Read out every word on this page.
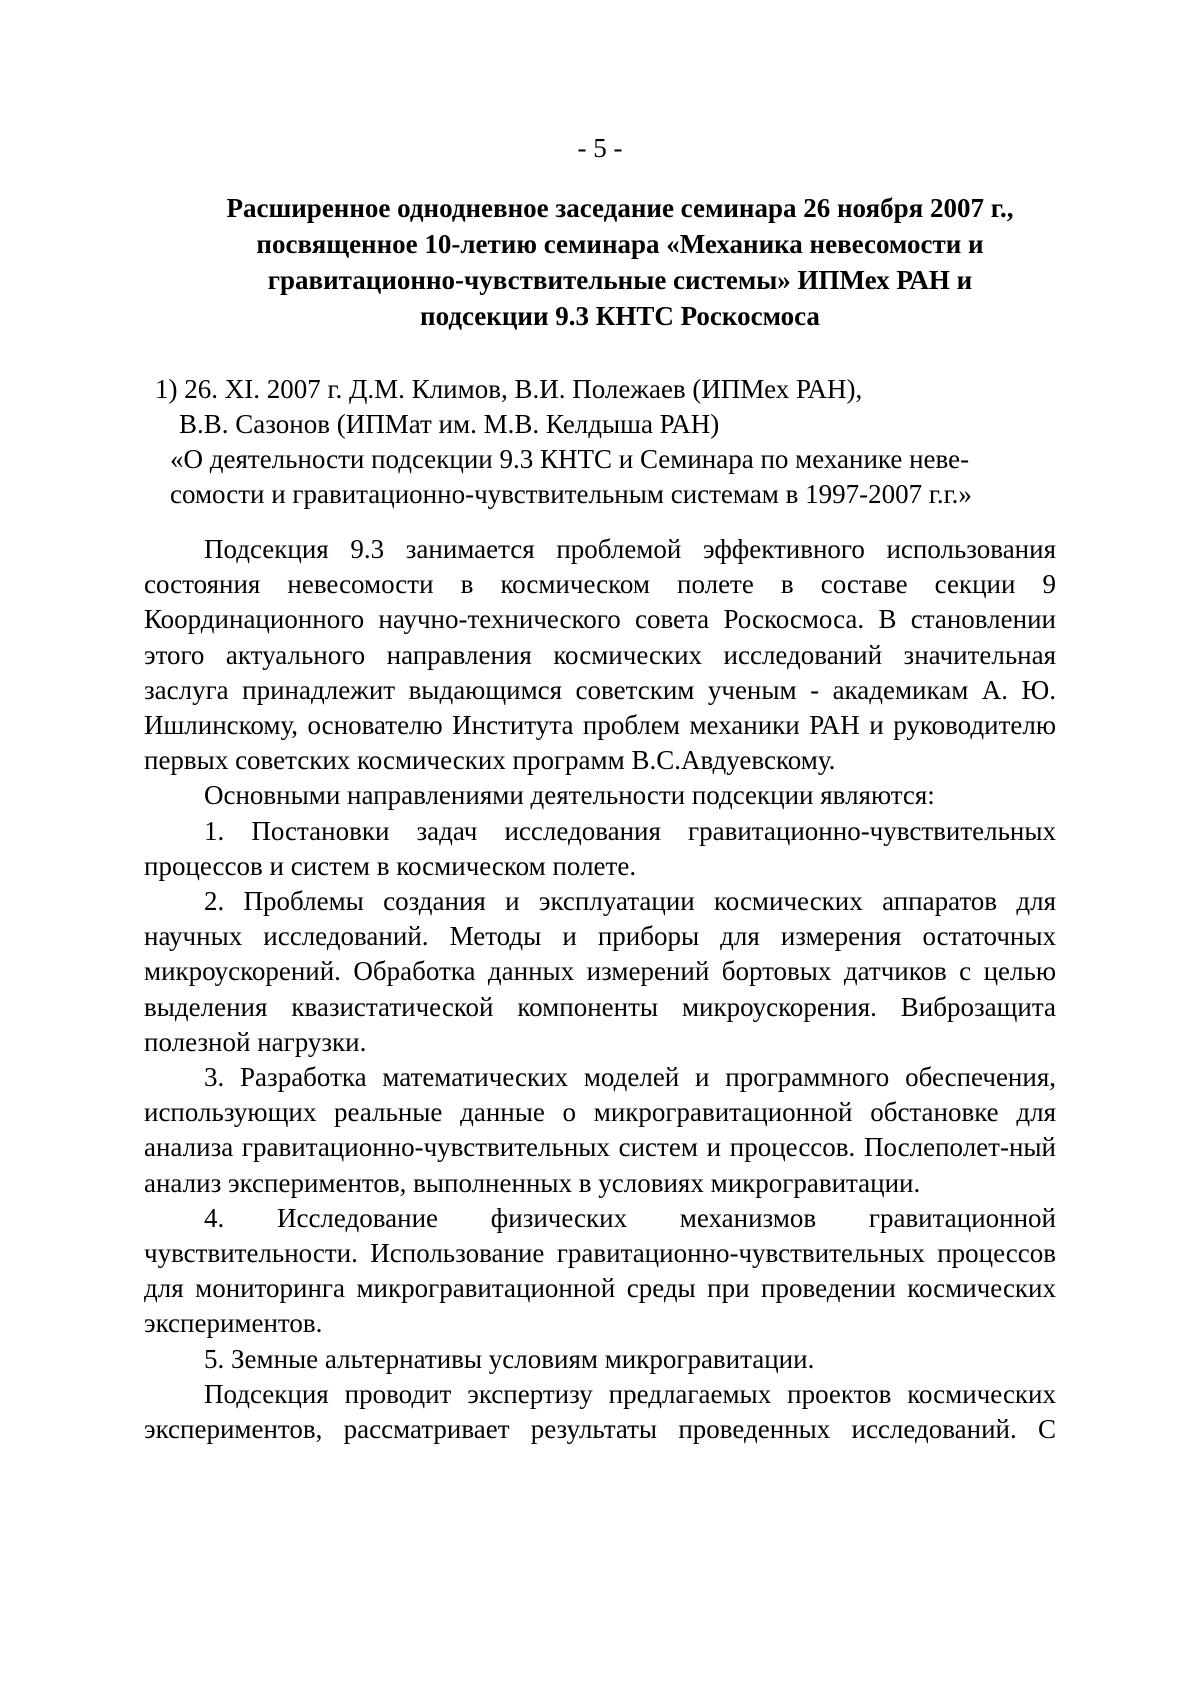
- 5 -
Расширенное однодневное заседание семинара 26 ноября 2007 г.,
посвященное 10-летию семинара «Механика невесомости и
гравитационно-чувствительные системы» ИПМех РАН и
подсекции 9.3 КНТС Роскосмоса
1) 26. XI. 2007 г. Д.М. Климов, В.И. Полежаев (ИПМех РАН),
В.В. Сазонов (ИПМат им. М.В. Келдыша РАН)
«О деятельности подсекции 9.3 КНТС и Семинара по механике неве-
сомости и гравитационно-чувствительным системам в 1997-2007 г.г.»

Подсекция 9.3 занимается проблемой эффективного использования состояния невесомости в космическом полете в составе секции 9 Координационного научно-технического совета Роскосмоса. В становлении этого актуального направления космических исследований значительная заслуга принадлежит выдающимся советским ученым - академикам А. Ю. Ишлинскому, основателю Института проблем механики РАН и руководителю первых советских космических программ В.С.Авдуевскому.

Основными направлениями деятельности подсекции являются:

1. Постановки задач исследования гравитационно-чувствительных процессов и систем в космическом полете.

2. Проблемы создания и эксплуатации космических аппаратов для научных исследований. Методы и приборы для измерения остаточных микроускорений. Обработка данных измерений бортовых датчиков с целью выделения квазистатической компоненты микроускорения. Виброзащита полезной нагрузки.

3. Разработка математических моделей и программного обеспечения, использующих реальные данные о микрогравитационной обстановке для анализа гравитационно-чувствительных систем и процессов. Послеполет-ный анализ экспериментов, выполненных в условиях микрогравитации.

4. Исследование физических механизмов гравитационной чувствительности. Использование гравитационно-чувствительных процессов для мониторинга микрогравитационной среды при проведении космических экспериментов.

5. Земные альтернативы условиям микрогравитации.

Подсекция проводит экспертизу предлагаемых проектов космических экспериментов, рассматривает результаты проведенных исследований. С
